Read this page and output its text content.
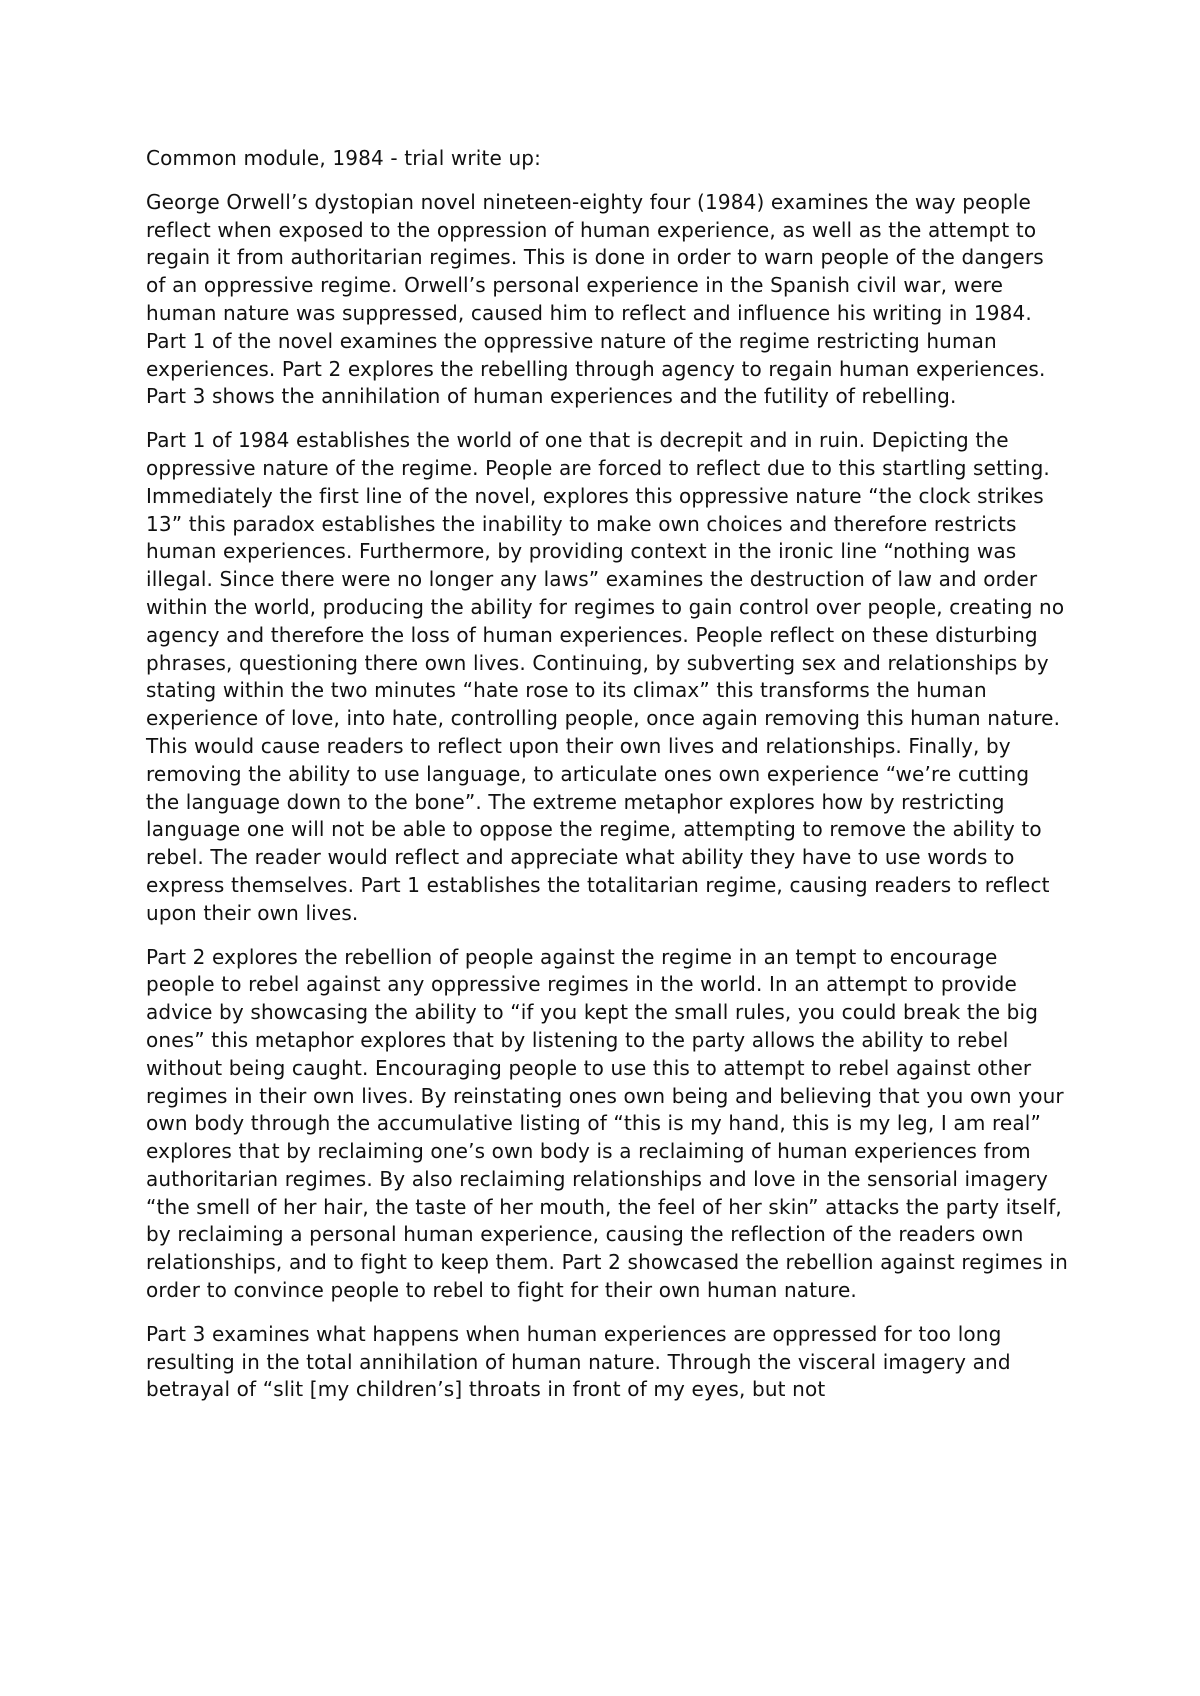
Common module, 1984 - trial write up:

George Orwell’s dystopian novel nineteen-eighty four (1984) examines the way people reflect when exposed to the oppression of human experience, as well as the attempt to regain it from authoritarian regimes. This is done in order to warn people of the dangers of an oppressive regime. Orwell’s personal experience in the Spanish civil war, were human nature was suppressed, caused him to reflect and influence his writing in 1984. Part 1 of the novel examines the oppressive nature of the regime restricting human experiences. Part 2 explores the rebelling through agency to regain human experiences. Part 3 shows the annihilation of human experiences and the futility of rebelling.

Part 1 of 1984 establishes the world of one that is decrepit and in ruin. Depicting the oppressive nature of the regime. People are forced to reflect due to this startling setting. Immediately the first line of the novel, explores this oppressive nature “the clock strikes 13” this paradox establishes the inability to make own choices and therefore restricts human experiences. Furthermore, by providing context in the ironic line “nothing was illegal. Since there were no longer any laws” examines the destruction of law and order within the world, producing the ability for regimes to gain control over people, creating no agency and therefore the loss of human experiences. People reflect on these disturbing phrases, questioning there own lives. Continuing, by subverting sex and relationships by stating within the two minutes “hate rose to its climax” this transforms the human experience of love, into hate, controlling people, once again removing this human nature. This would cause readers to reflect upon their own lives and relationships. Finally, by removing the ability to use language, to articulate ones own experience “we’re cutting the language down to the bone”. The extreme metaphor explores how by restricting language one will not be able to oppose the regime, attempting to remove the ability to rebel. The reader would reflect and appreciate what ability they have to use words to express themselves. Part 1 establishes the totalitarian regime, causing readers to reflect upon their own lives.

Part 2 explores the rebellion of people against the regime in an tempt to encourage people to rebel against any oppressive regimes in the world. In an attempt to provide advice by showcasing the ability to “if you kept the small rules, you could break the big ones” this metaphor explores that by listening to the party allows the ability to rebel without being caught. Encouraging people to use this to attempt to rebel against other regimes in their own lives. By reinstating ones own being and believing that you own your own body through the accumulative listing of “this is my hand, this is my leg, I am real” explores that by reclaiming one’s own body is a reclaiming of human experiences from authoritarian regimes. By also reclaiming relationships and love in the sensorial imagery “the smell of her hair, the taste of her mouth, the feel of her skin” attacks the party itself, by reclaiming a personal human experience, causing the reflection of the readers own relationships, and to fight to keep them. Part 2 showcased the rebellion against regimes in order to convince people to rebel to fight for their own human nature.

Part 3 examines what happens when human experiences are oppressed for too long resulting in the total annihilation of human nature. Through the visceral imagery and betrayal of “slit [my children’s] throats in front of my eyes, but not
